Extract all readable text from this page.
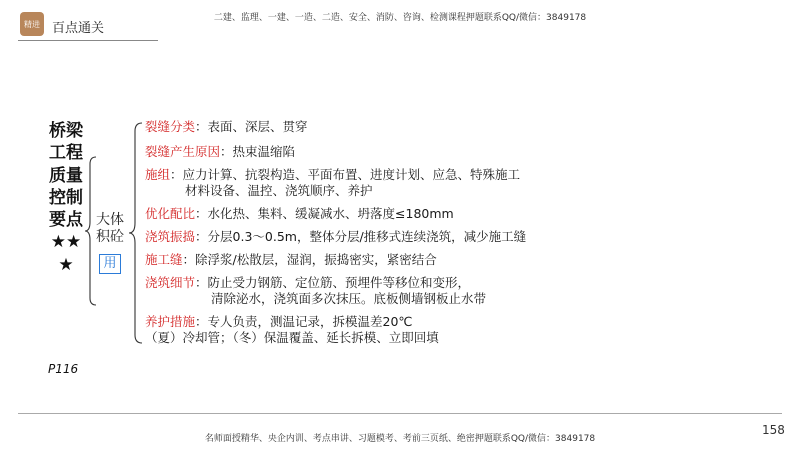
精进 百点通关
二建、监理、一建、一造、二造、安全、消防、咨询、检测课程押题联系QQ/微信：3849178
桥梁工程质量控制要点★★★
P116
大体
积砼
用
裂缝分类：表面、深层、贯穿
裂缝产生原因：热束温缩陷
施组：应力计算、抗裂构造、平面布置、进度计划、应急、特殊施工
材料设备、温控、浇筑顺序、养护
优化配比：水化热、集料、缓凝减水、坍落度≤180mm
浇筑振捣：分层0.3～0.5m，整体分层/推移式连续浇筑，减少施工缝
施工缝：除浮浆/松散层，湿润，振捣密实，紧密结合
浇筑细节：防止受力钢筋、定位筋、预埋件等移位和变形，
清除泌水，浇筑面多次抹压。底板侧墙钢板止水带
养护措施：专人负责，测温记录，拆模温差20℃
（夏）冷却管；（冬）保温覆盖、延长拆模、立即回填
名师面授精华、央企内训、考点串讲、习题模考、考前三页纸、绝密押题联系QQ/微信：3849178
158
